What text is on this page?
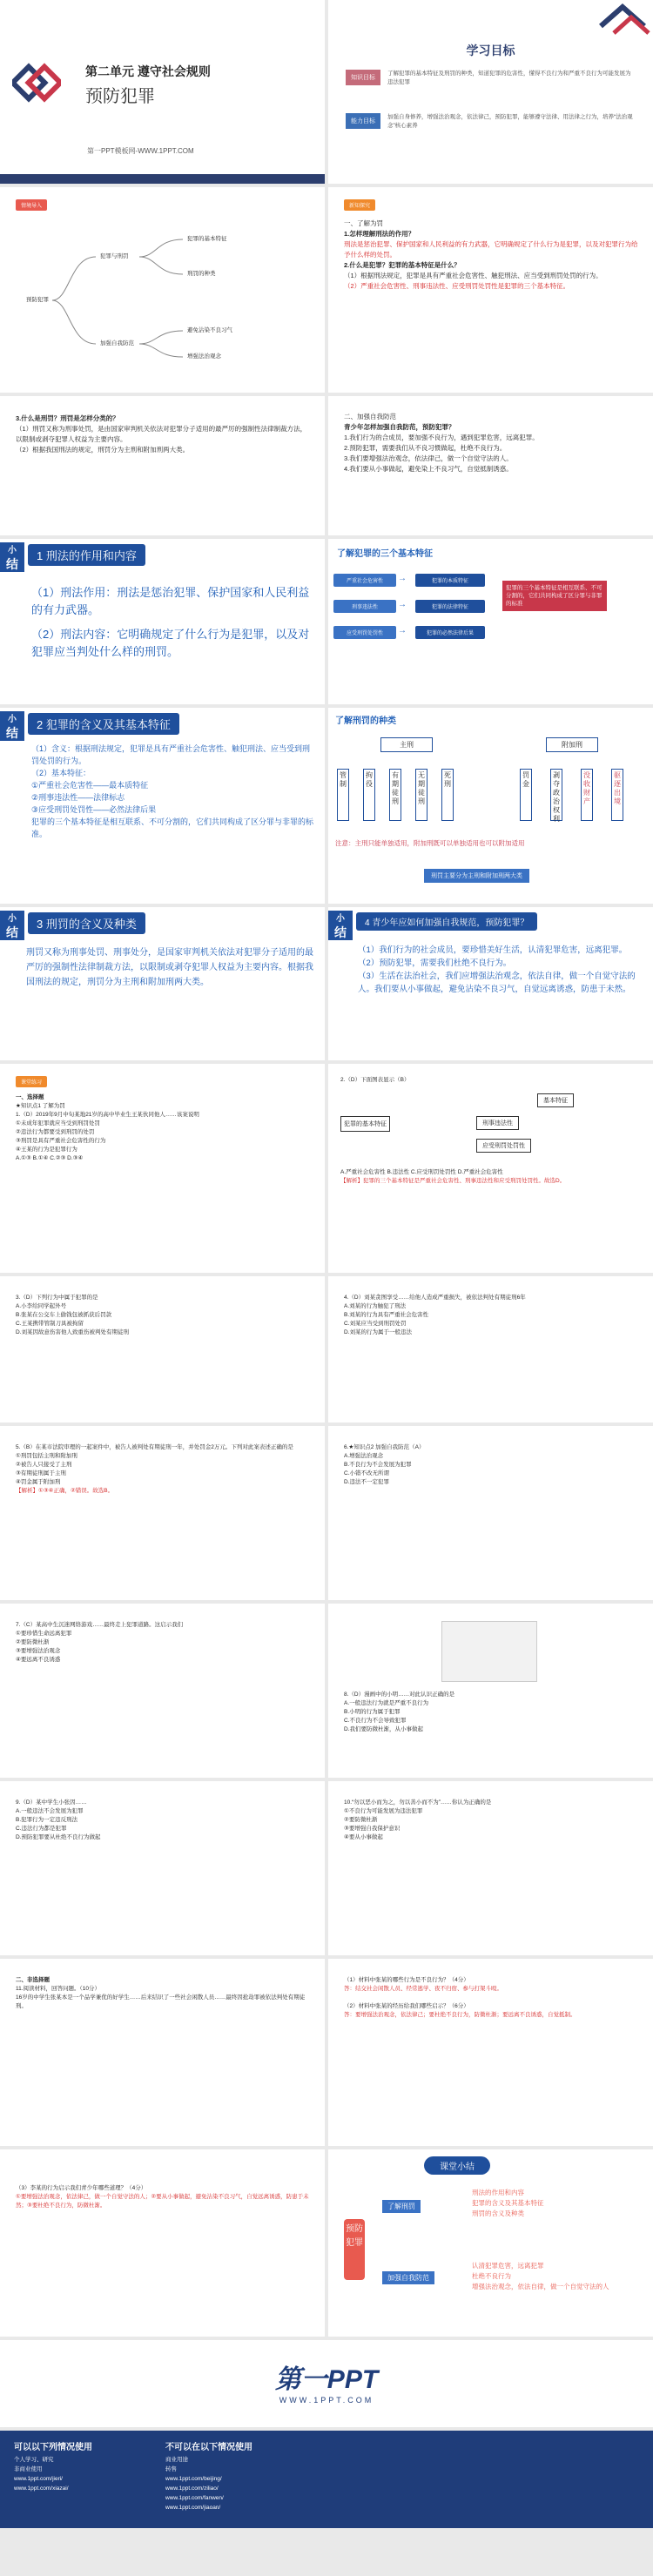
第二单元 遵守社会规则
预防犯罪
第一PPT模板网-WWW.1PPT.COM
学习目标
知识目标
了解犯罪的基本特征及刑罚的种类，知道犯罪的危害性，懂得不良行为和严重不良行为可能发展为违法犯罪
能力目标
加强自身修养，增强法治观念，依法律己，预防犯罪，能够遵守法律、用法律之行为，培养“法治观念”核心素养
情境导入
预防犯罪
犯罪与刑罚
加强自我防范
犯罪的基本特征
刑罚的种类
避免沾染不良习气
增强法治观念
新知探究
一、了解为罚
1.怎样理解刑法的作用？
刑法是惩治犯罪、保护国家和人民利益的有力武器，它明确规定了什么行为是犯罪，以及对犯罪行为给予什么样的处罚。
2.什么是犯罪？犯罪的基本特征是什么？
（1）根据刑法规定，犯罪是具有严重社会危害性、触犯刑法、应当受到刑罚处罚的行为。
（2）严重社会危害性、刑事违法性、应受刑罚处罚性是犯罪的三个基本特征。
3.什么是刑罚？刑罚是怎样分类的？
（1）刑罚又称为刑事处罚，是由国家审判机关依法对犯罪分子适用的最严厉的强制性法律制裁方法，以限制或剥夺犯罪人权益为主要内容。
（2）根据我国刑法的规定，刑罚分为主刑和附加刑两大类。
二、加强自我防范
青少年怎样加强自我防范，预防犯罪？
1.我们行为的合成员，要加强不良行为，遇到犯罪危害，远离犯罪。
2.预防犯罪，需要我们从不良习惯做起，杜绝不良行为。
3.我们要增强法治观念，依法律己，做一个自觉守法的人。
4.我们要从小事做起，避免染上不良习气，自觉抵制诱惑。
小
结
1 刑法的作用和内容
（1）刑法作用：刑法是惩治犯罪、保护国家和人民利益的有力武器。
（2）刑法内容：它明确规定了什么行为是犯罪，以及对犯罪应当判处什么样的刑罚。
了解犯罪的三个基本特征
严重社会危害性
刑事违法性
应受刑罚处罚性
犯罪的本质特征
犯罪的法律特征
犯罪的必然法律后果
→
→
→
犯罪的三个基本特征是相互联系、不可分割的，它们共同构成了区分罪与非罪的标准
小
结
2 犯罪的含义及其基本特征
（1）含义：根据刑法规定，犯罪是具有严重社会危害性、触犯刑法、应当受到刑罚处罚的行为。
（2）基本特征：
①严重社会危害性——最本质特征
②刑事违法性——法律标志
③应受刑罚处罚性——必然法律后果
犯罪的三个基本特征是相互联系、不可分割的，它们共同构成了区分罪与非罪的标准。
了解刑罚的种类
主刑	附加刑
管制
拘役
有期徒刑
无期徒刑
死刑
罚金
剥夺政治权利
没收财产
驱逐出境
注意：主刑只能单独适用，附加刑既可以单独适用也可以附加适用
刑罚主要分为主刑和附加刑两大类
小
结
3 刑罚的含义及种类
刑罚又称为刑事处罚、刑事处分，是国家审判机关依法对犯罪分子适用的最严厉的强制性法律制裁方法，以限制或剥夺犯罪人权益为主要内容。根据我国刑法的规定，刑罚分为主刑和附加刑两大类。
小
结
4 青少年应如何加强自我规范，预防犯罪？
（1）我们行为的社会成员，要珍惜美好生活，认清犯罪危害，远离犯罪。
（2）预防犯罪，需要我们杜绝不良行为。
（3）生活在法治社会，我们应增强法治观念，依法自律，做一个自觉守法的人。我们要从小事做起，避免沾染不良习气，自觉远离诱惑，防患于未然。
课堂练习
一、选择题
★知识点1 了解为罚
1.（D）2019年9月中旬某地21岁的高中毕业生王某伙同他人……该案说明
①未成年犯罪就应当受到刑罚处罚
②违法行为都要受到刑罚的处罚
③刑罚是具有严重社会危害性的行为
④王某的行为是犯罪行为
A.①③ B.①④ C.②③ D.③④
2.（D）下面图表显示（B）
犯罪的基本特征
基本特征
刑事违法性
应受刑罚处罚性
A.严重社会危害性 B.违法性 C.应受刑罚处罚性 D.严重社会危害性
【解析】犯罪的三个基本特征是严重社会危害性、刑事违法性和应受刑罚处罚性。故选D。
3.（D）下列行为中属于犯罪的是
A.小李给同学起外号
B.张某在公交车上偷钱包被抓获后罚款
C.王某携带管制刀具被拘留
D.刘某因故意伤害他人致重伤被判处有期徒刑
4.（D）刘某贪图享受……给他人造成严重损失，被依法判处有期徒刑6年
A.刘某的行为触犯了刑法
B.刘某的行为具有严重社会危害性
C.刘某应当受到刑罚处罚
D.刘某的行为属于一般违法
5.（B）在某市法院审理的一起案件中，被告人被判处有期徒刑一年，并处罚金2万元。下列对此案表述正确的是
①刑罚包括主刑和附加刑
②被告人只接受了主刑
③有期徒刑属于主刑
④罚金属于附加刑
【解析】①③④正确，②错误。故选B。
6.★知识点2 加强自我防范（A）
A.增强法治观念
B.不良行为不会发展为犯罪
C.小错不改无所谓
D.违法不一定犯罪
7.（C）某高中生沉迷网络游戏……最终走上犯罪道路。这启示我们
①要珍惜生命远离犯罪
②要防微杜渐
③要增强法治观念
④要远离不良诱惑
8.（D）漫画中的小明……对此认识正确的是
A.一般违法行为就是严重不良行为
B.小明的行为属于犯罪
C.不良行为不会导致犯罪
D.我们要防微杜渐，从小事做起
9.（D）某中学生小张因……
A.一般违法不会发展为犯罪
B.犯罪行为一定违反刑法
C.违法行为都是犯罪
D.预防犯罪要从杜绝不良行为做起
10.“勿以恶小而为之，勿以善小而不为”……你认为正确的是
①不良行为可能发展为违法犯罪
②要防微杜渐
③要增强自我保护意识
④要从小事做起
二、非选择题
11.阅读材料，回答问题。（10分）
16岁的中学生张某本是一个品学兼优的好学生……后来结识了一些社会闲散人员……最终因抢劫罪被依法判处有期徒刑。
（1）材料中张某的哪些行为是不良行为？（4分）
答：结交社会闲散人员、经常逃学、夜不归宿、参与打架斗殴。
（2）材料中张某的经历给我们哪些启示？（6分）
答：要增强法治观念，依法律己；要杜绝不良行为，防微杜渐；要远离不良诱惑，自觉抵制。
（3）李某的行为启示我们青少年哪些道理？（4分）
①要增强法治观念，依法律己，做一个自觉守法的人；②要从小事做起，避免沾染不良习气，自觉远离诱惑，防患于未然；③要杜绝不良行为，防微杜渐。
课堂小结
预防犯罪
了解刑罚
加强自我防范
刑法的作用和内容
犯罪的含义及其基本特征
刑罚的含义及种类
认清犯罪危害，远离犯罪
杜绝不良行为
增强法治观念，依法自律，做一个自觉守法的人
第一PPT
WWW.1PPT.COM
可以以下列情况使用
个人学习、研究
非商业使用
www.1ppt.com/jieri/
www.1ppt.com/xiazai/
不可以在以下情况使用
商业用途
转售
www.1ppt.com/beijing/
www.1ppt.com/ziliao/
www.1ppt.com/fanwen/
www.1ppt.com/jiaoan/
